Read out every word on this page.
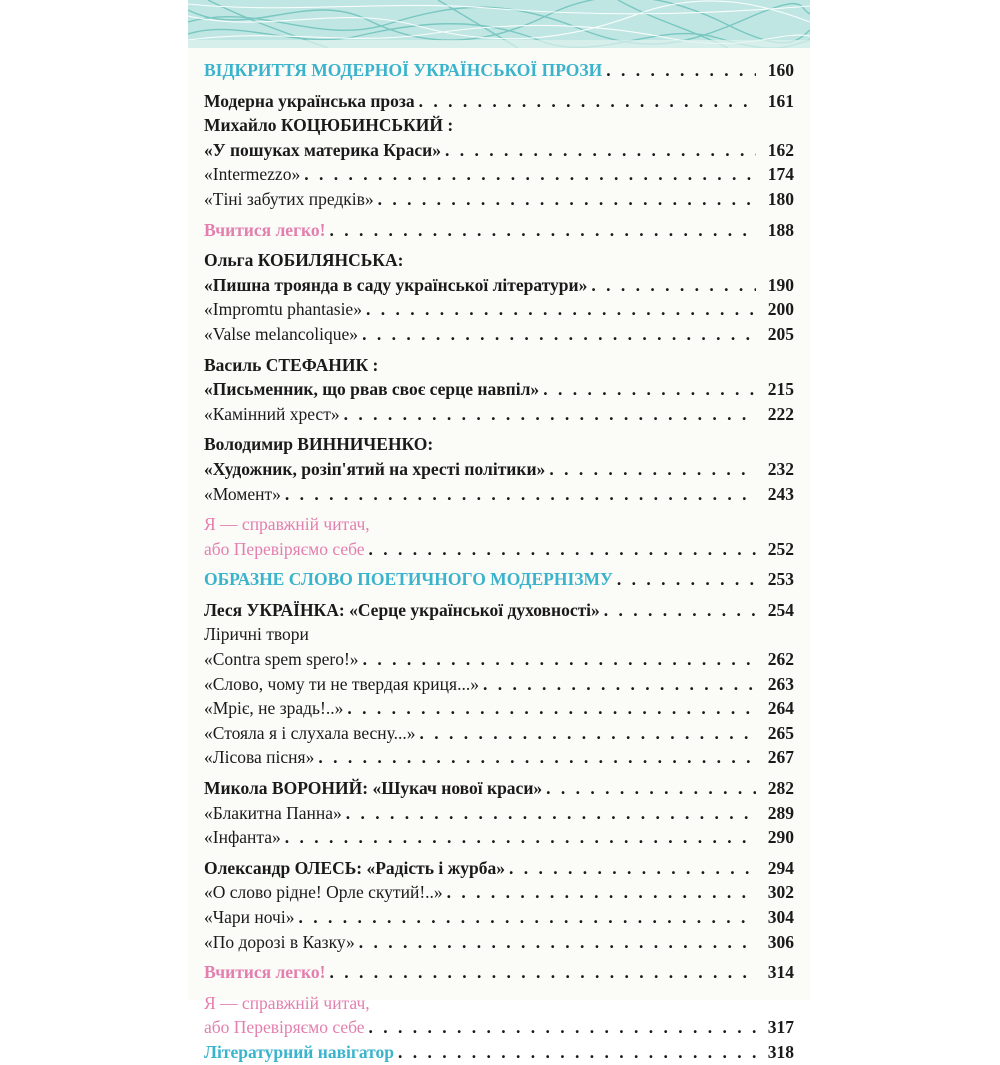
ВІДКРИТТЯ МОДЕРНОЇ УКРАЇНСЬКОЇ ПРОЗИ . . .	160
Модерна українська проза . . .	161
Михайло КОЦЮБИНСЬКИЙ :
«У пошуках материка Краси» . . .	162
«Intermezzo» . . .	174
«Тіні забутих предків» . . .	180
Вчитися легко! . . .	188
Ольга КОБИЛЯНСЬКА:
«Пишна троянда в саду української літератури» . . .	190
«Impromtu phantasie» . . .	200
«Valse melancolique» . . .	205
Василь СТЕФАНИК :
«Письменник, що рвав своє серце навпіл» . . .	215
«Камінний хрест» . . .	222
Володимир ВИННИЧЕНКО:
«Художник, розіп'ятий на хресті політики» . . .	232
«Момент» . . .	243
Я — справжній читач,
або Перевіряємо себе . . .	252
ОБРАЗНЕ СЛОВО ПОЕТИЧНОГО МОДЕРНІЗМУ . . .	253
Леся УКРАЇНКА: «Серце української духовності» . . .	254
Ліричні твори
«Contra spem spero!» . . .	262
«Слово, чому ти не твердая криця...» . . .	263
«Мріє, не зрадь!..» . . .	264
«Стояла я і слухала весну...» . . .	265
«Лісова пісня» . . .	267
Микола ВОРОНИЙ: «Шукач нової краси» . . .	282
«Блакитна Панна» . . .	289
«Інфанта» . . .	290
Олександр ОЛЕСЬ: «Радість і журба» . . .	294
«О слово рідне! Орле скутий!..» . . .	302
«Чари ночі» . . .	304
«По дорозі в Казку» . . .	306
Вчитися легко! . . .	314
Я — справжній читач,
або Перевіряємо себе . . .	317
Літературний навігатор . . .	318
